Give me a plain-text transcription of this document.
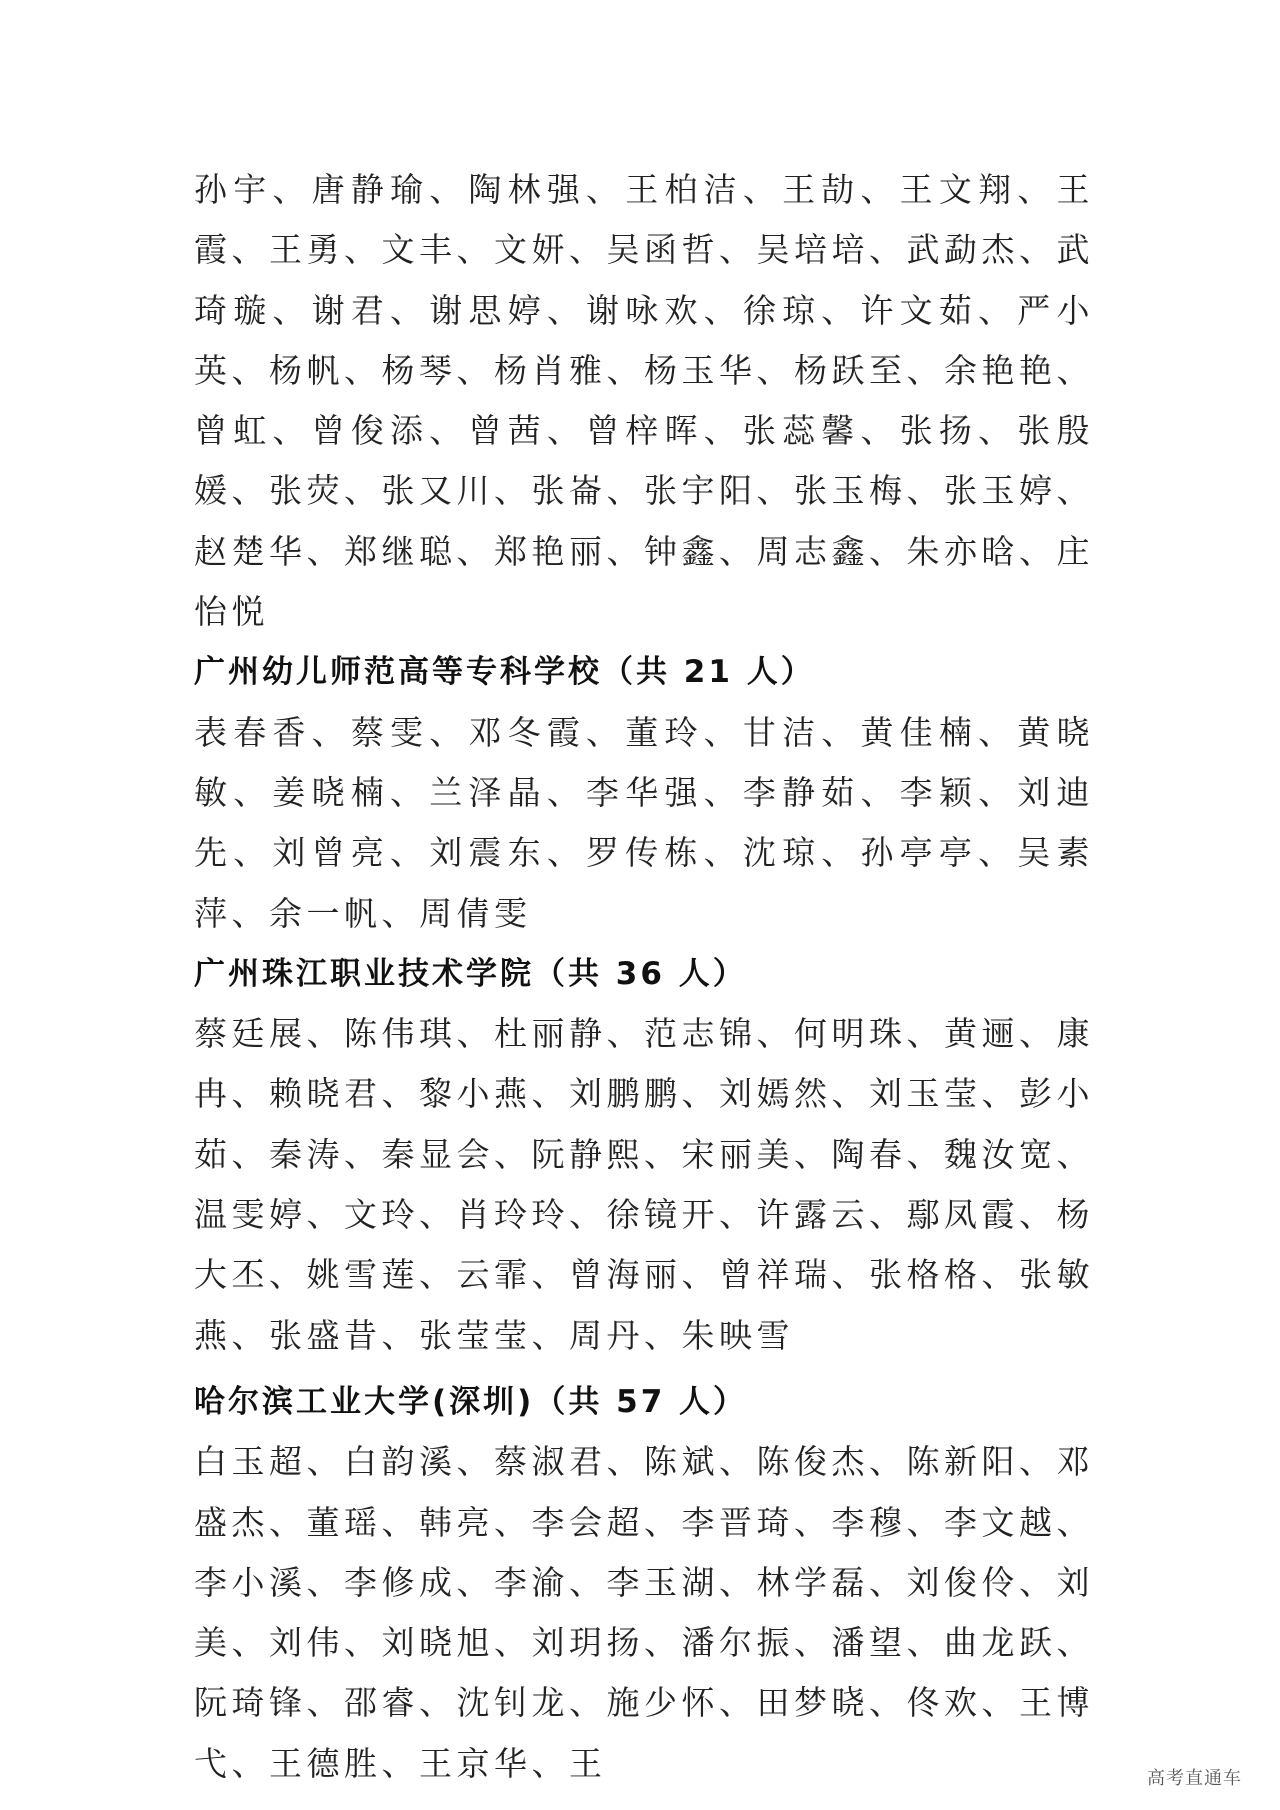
孙宇、唐静瑜、陶林强、王柏洁、王劼、王文翔、王霞、王勇、文丰、文妍、吴函哲、吴培培、武勐杰、武琦璇、谢君、谢思婷、谢咏欢、徐琼、许文茹、严小英、杨帆、杨琴、杨肖雅、杨玉华、杨跃至、余艳艳、曾虹、曾俊添、曾茜、曾梓晖、张蕊馨、张扬、张殷媛、张荧、张又川、张崙、张宇阳、张玉梅、张玉婷、赵楚华、郑继聪、郑艳丽、钟鑫、周志鑫、朱亦晗、庄怡悦

广州幼儿师范高等专科学校（共 21 人）

表春香、蔡雯、邓冬霞、董玲、甘洁、黄佳楠、黄晓敏、姜晓楠、兰泽晶、李华强、李静茹、李颖、刘迪先、刘曾亮、刘震东、罗传栋、沈琼、孙亭亭、吴素萍、余一帆、周倩雯

广州珠江职业技术学院（共 36 人）

蔡廷展、陈伟琪、杜丽静、范志锦、何明珠、黄逦、康冉、赖晓君、黎小燕、刘鹏鹏、刘嫣然、刘玉莹、彭小茹、秦涛、秦显会、阮静熙、宋丽美、陶春、魏汝宽、温雯婷、文玲、肖玲玲、徐镜开、许露云、鄢凤霞、杨大丕、姚雪莲、云霏、曾海丽、曾祥瑞、张格格、张敏燕、张盛昔、张莹莹、周丹、朱映雪

哈尔滨工业大学(深圳)（共 57 人）

白玉超、白韵溪、蔡淑君、陈斌、陈俊杰、陈新阳、邓盛杰、董瑶、韩亮、李会超、李晋琦、李穆、李文越、李小溪、李修成、李渝、李玉湖、林学磊、刘俊伶、刘美、刘伟、刘晓旭、刘玥扬、潘尔振、潘望、曲龙跃、阮琦锋、邵睿、沈钊龙、施少怀、田梦晓、佟欢、王博弋、王德胜、王京华、王	高考直通车
